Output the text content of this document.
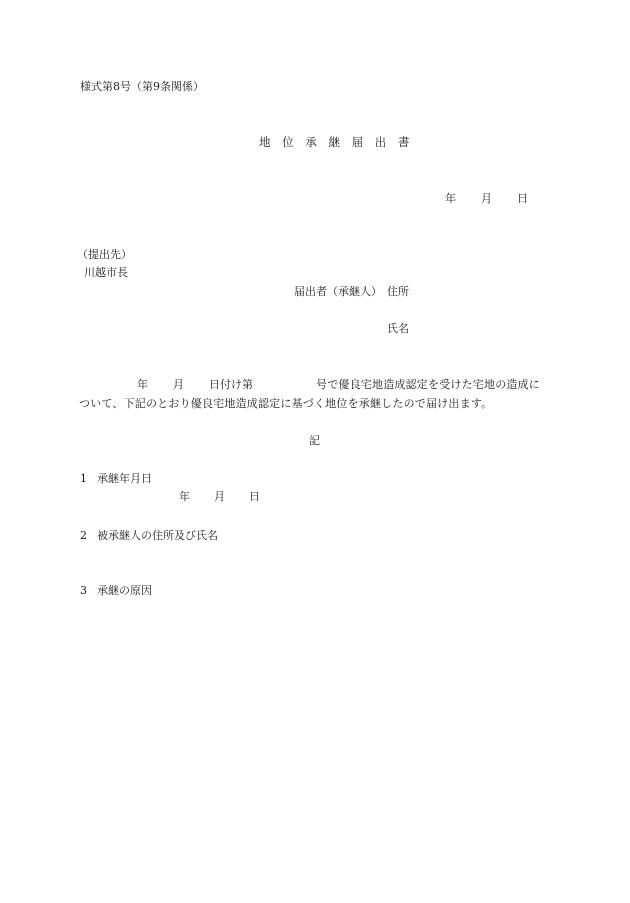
様式第8号（第9条関係）
地 位 承 継 届 出 書
年 月 日
（提出先）
川越市長
届出者（承継人） 住所
氏名
年 月 日付け第	号で優良宅地造成認定を受けた宅地の造成に
ついて、下記のとおり優良宅地造成認定に基づく地位を承継したので届け出ます。
記
1 承継年月日
年 月 日
2 被承継人の住所及び氏名
3 承継の原因
